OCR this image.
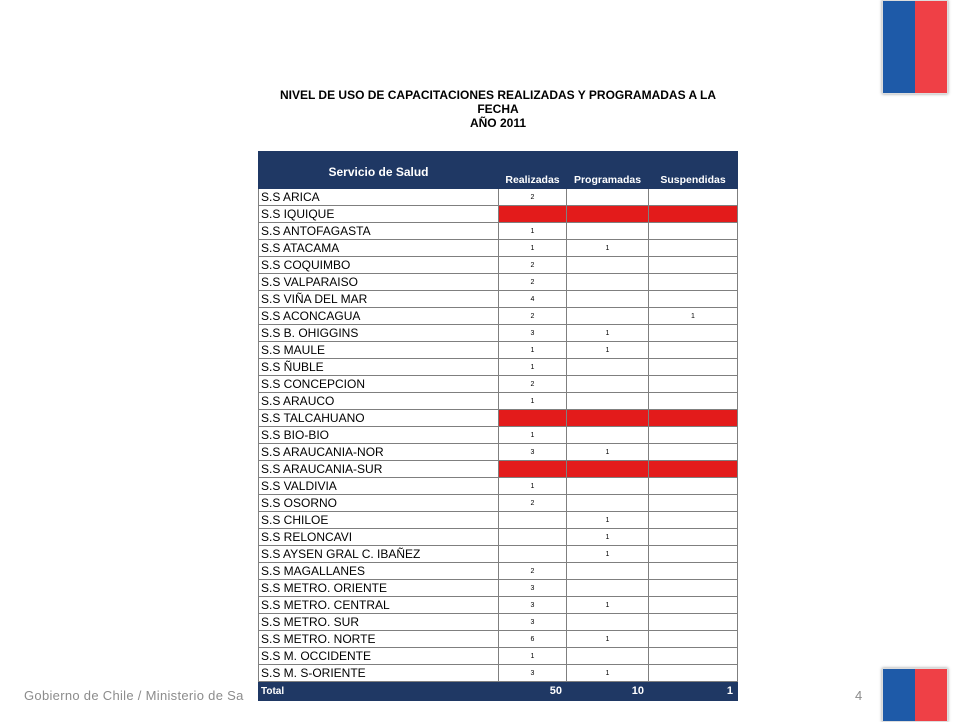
NIVEL DE USO DE CAPACITACIONES REALIZADAS Y PROGRAMADAS A LA FECHA
AÑO 2011
Servicio de Salud	Realizadas	Programadas	Suspendidas
S.S ARICA	2		
S.S IQUIQUE			
S.S ANTOFAGASTA	1		
S.S ATACAMA	1	1	
S.S COQUIMBO	2		
S.S VALPARAISO	2		
S.S VIÑA DEL MAR	4		
S.S ACONCAGUA	2		1
S.S B. OHIGGINS	3	1	
S.S MAULE	1	1	
S.S ÑUBLE	1		
S.S CONCEPCION	2		
S.S ARAUCO	1		
S.S TALCAHUANO			
S.S BIO-BIO	1		
S.S ARAUCANIA-NOR	3	1	
S.S ARAUCANIA-SUR			
S.S VALDIVIA	1		
S.S OSORNO	2		
S.S CHILOE		1	
S.S RELONCAVI		1	
S.S AYSEN GRAL C. IBAÑEZ		1	
S.S MAGALLANES	2		
S.S METRO. ORIENTE	3		
S.S METRO. CENTRAL	3	1	
S.S METRO. SUR	3		
S.S METRO. NORTE	6	1	
S.S M. OCCIDENTE	1		
S.S M. S-ORIENTE	3	1	
Total	50	10	1
Gobierno de Chile / Ministerio de Sa	4
